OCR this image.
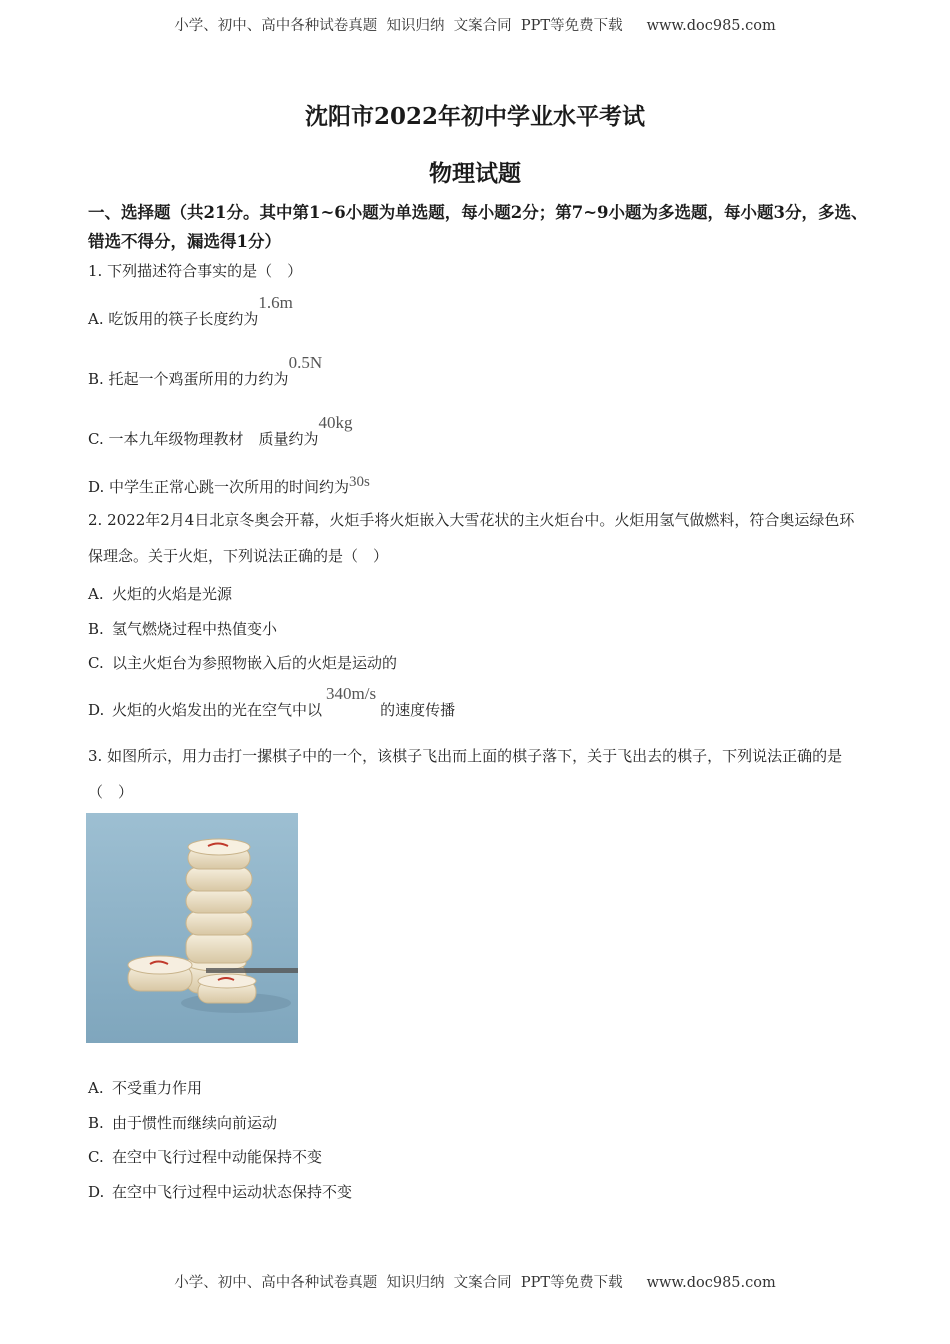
小学、初中、高中各种试卷真题  知识归纳  文案合同  PPT等免费下载 www.doc985.com
沈阳市2022年初中学业水平考试
物理试题
一、选择题（共21分。其中第1~6小题为单选题，每小题2分；第7~9小题为多选题，每小题3分，多选、错选不得分，漏选得1分）
1. 下列描述符合事实的是（　）
A. 吃饭用的筷子长度约为1.6m
B. 托起一个鸡蛋所用的力约为0.5N
C. 一本九年级物理教材　质量约为40kg
D. 中学生正常心跳一次所用的时间约为30s
2. 2022年2月4日北京冬奥会开幕，火炬手将火炬嵌入大雪花状的主火炬台中。火炬用氢气做燃料，符合奥运绿色环保理念。关于火炬，下列说法正确的是（　）
A. 火炬的火焰是光源
B. 氢气燃烧过程中热值变小
C. 以主火炬台为参照物嵌入后的火炬是运动的
D. 火炬的火焰发出的光在空气中以340m/s的速度传播
3. 如图所示，用力击打一摞棋子中的一个，该棋子飞出而上面的棋子落下，关于飞出去的棋子，下列说法正确的是（　）
A. 不受重力作用
B. 由于惯性而继续向前运动
C. 在空中飞行过程中动能保持不变
D. 在空中飞行过程中运动状态保持不变
小学、初中、高中各种试卷真题  知识归纳  文案合同  PPT等免费下载 www.doc985.com
